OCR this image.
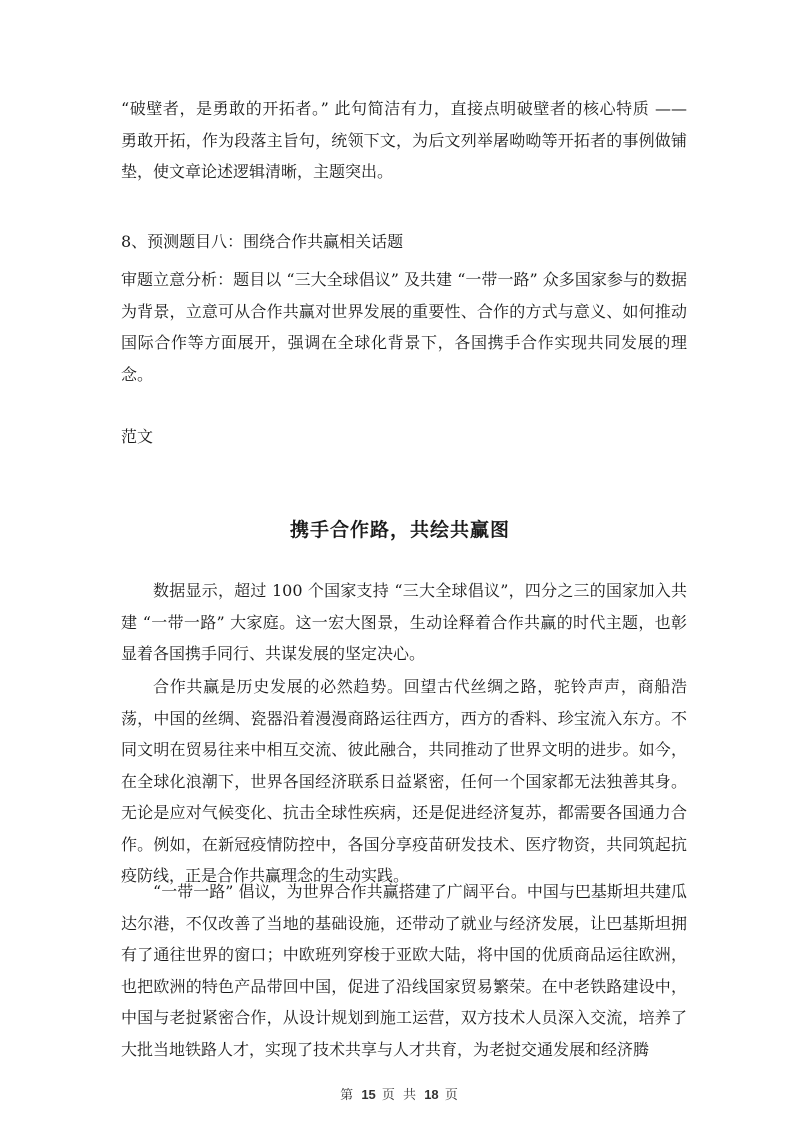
“破壁者，是勇敢的开拓者。” 此句简洁有力，直接点明破壁者的核心特质 —— 勇敢开拓，作为段落主旨句，统领下文，为后文列举屠呦呦等开拓者的事例做铺垫，使文章论述逻辑清晰，主题突出。

8、预测题目八：围绕合作共赢相关话题

审题立意分析：题目以 “三大全球倡议” 及共建 “一带一路” 众多国家参与的数据为背景，立意可从合作共赢对世界发展的重要性、合作的方式与意义、如何推动国际合作等方面展开，强调在全球化背景下，各国携手合作实现共同发展的理念。

范文

携手合作路，共绘共赢图

数据显示，超过 100 个国家支持 “三大全球倡议”，四分之三的国家加入共建 “一带一路” 大家庭。这一宏大图景，生动诠释着合作共赢的时代主题，也彰显着各国携手同行、共谋发展的坚定决心。

合作共赢是历史发展的必然趋势。回望古代丝绸之路，驼铃声声，商船浩荡，中国的丝绸、瓷器沿着漫漫商路运往西方，西方的香料、珍宝流入东方。不同文明在贸易往来中相互交流、彼此融合，共同推动了世界文明的进步。如今，在全球化浪潮下，世界各国经济联系日益紧密，任何一个国家都无法独善其身。无论是应对气候变化、抗击全球性疾病，还是促进经济复苏，都需要各国通力合作。例如，在新冠疫情防控中，各国分享疫苗研发技术、医疗物资，共同筑起抗疫防线，正是合作共赢理念的生动实践。

“一带一路” 倡议，为世界合作共赢搭建了广阔平台。中国与巴基斯坦共建瓜达尔港，不仅改善了当地的基础设施，还带动了就业与经济发展，让巴基斯坦拥有了通往世界的窗口；中欧班列穿梭于亚欧大陆，将中国的优质商品运往欧洲，也把欧洲的特色产品带回中国，促进了沿线国家贸易繁荣。在中老铁路建设中，中国与老挝紧密合作，从设计规划到施工运营，双方技术人员深入交流，培养了大批当地铁路人才，实现了技术共享与人才共育，为老挝交通发展和经济腾

第 15 页 共 18 页
